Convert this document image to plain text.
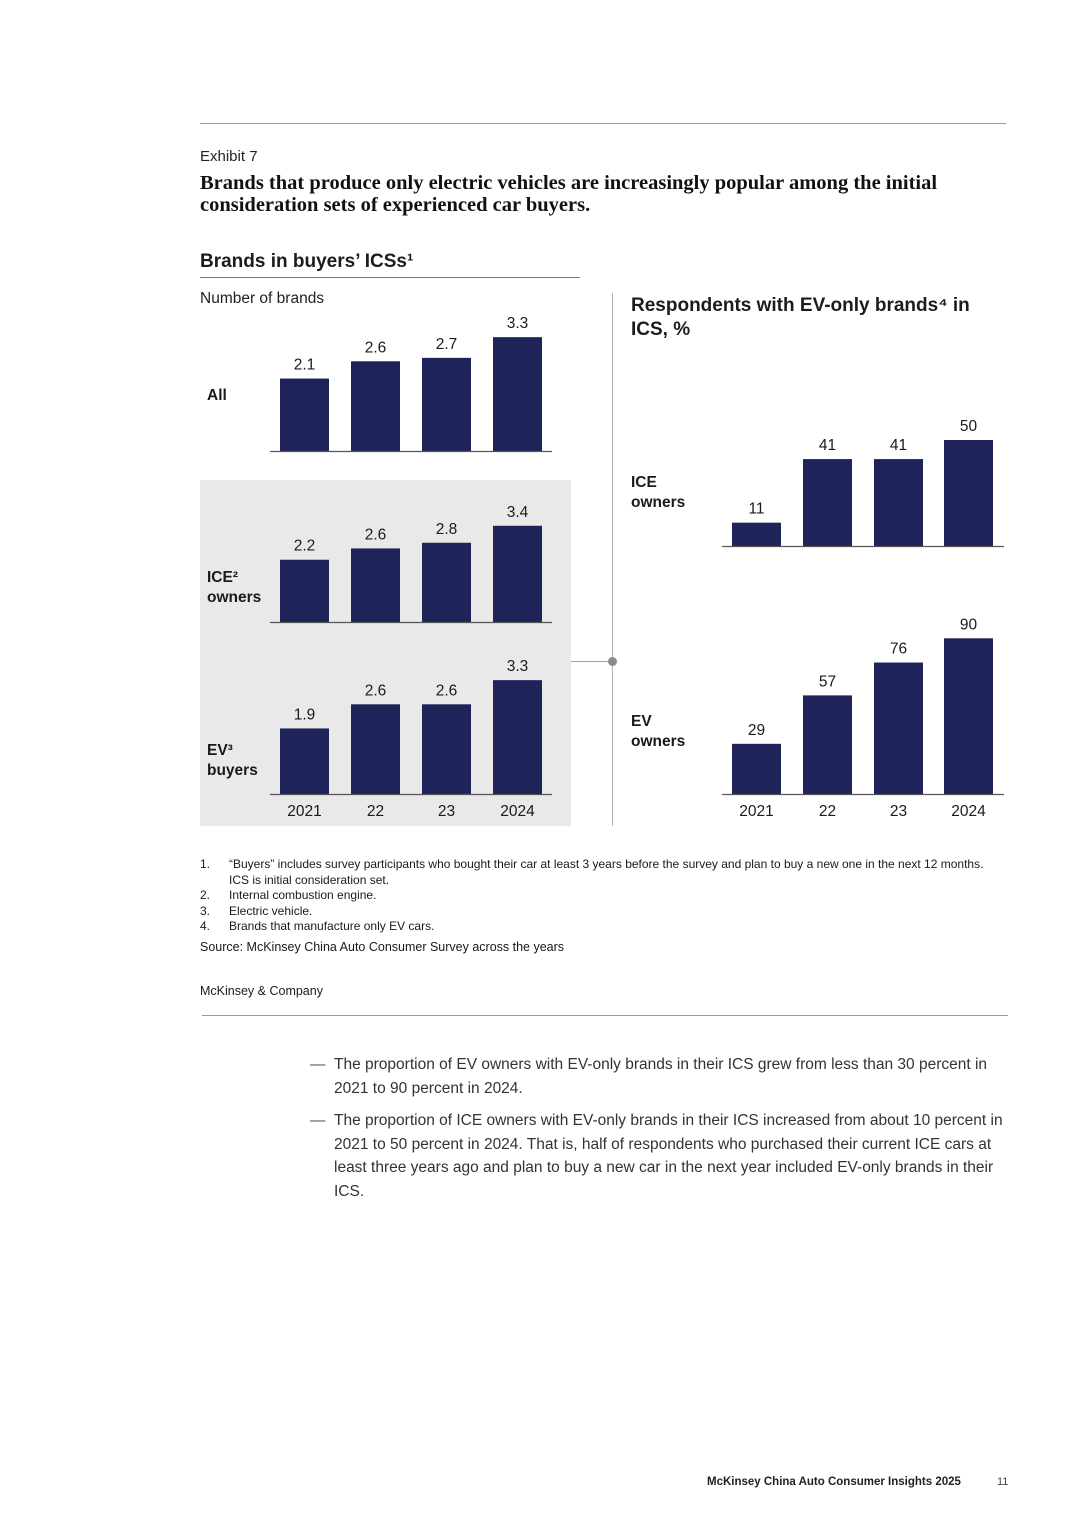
Exhibit 7
Brands that produce only electric vehicles are increasingly popular among the initial consideration sets of experienced car buyers.
Brands in buyers’ ICSs¹
Number of brands	Respondents with EV-only brands⁴ in ICS, %
All
2.1
2.6	2.7
3.3
ICE²
owners
2.2
2.6	2.8
3.4
EV³
buyers
1.9
2021
2.6
22
2.6
23
3.3
2024
ICE
owners	11
41	41
50
EV
owners
29
2021
57
22
76
23
90
2024
1. “Buyers” includes survey participants who bought their car at least 3 years before the survey and plan to buy a new one in the next 12 months. ICS is initial consideration set.
2. Internal combustion engine.
3. Electric vehicle.
4. Brands that manufacture only EV cars.
Source: McKinsey China Auto Consumer Survey across the years
McKinsey & Company
— The proportion of EV owners with EV-only brands in their ICS grew from less than 30 percent in 2021 to 90 percent in 2024.
— The proportion of ICE owners with EV-only brands in their ICS increased from about 10 percent in 2021 to 50 percent in 2024. That is, half of respondents who purchased their current ICE cars at least three years ago and plan to buy a new car in the next year included EV-only brands in their ICS.
McKinsey China Auto Consumer Insights 2025	11
